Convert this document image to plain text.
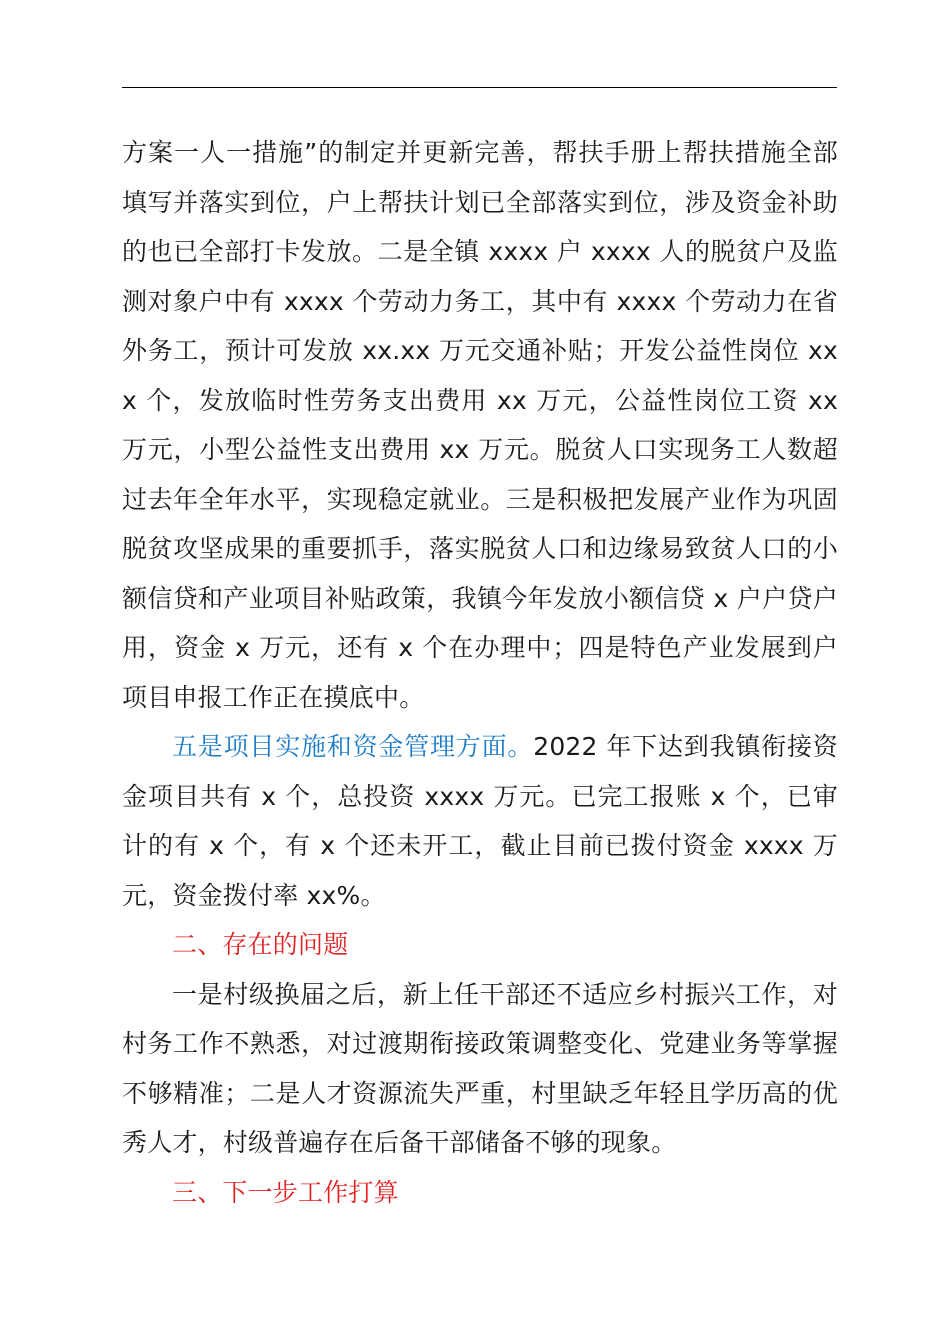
方案一人一措施”的制定并更新完善，帮扶手册上帮扶措施全部填写并落实到位，户上帮扶计划已全部落实到位，涉及资金补助的也已全部打卡发放。二是全镇 xxxx 户 xxxx 人的脱贫户及监测对象户中有 xxxx 个劳动力务工，其中有 xxxx 个劳动力在省外务工，预计可发放 xx.xx 万元交通补贴；开发公益性岗位 xxx 个，发放临时性劳务支出费用 xx 万元，公益性岗位工资 xx 万元，小型公益性支出费用 xx 万元。脱贫人口实现务工人数超过去年全年水平，实现稳定就业。三是积极把发展产业作为巩固脱贫攻坚成果的重要抓手，落实脱贫人口和边缘易致贫人口的小额信贷和产业项目补贴政策，我镇今年发放小额信贷 x 户户贷户用，资金 x 万元，还有 x 个在办理中；四是特色产业发展到户项目申报工作正在摸底中。

五是项目实施和资金管理方面。2022 年下达到我镇衔接资金项目共有 x 个，总投资 xxxx 万元。已完工报账 x 个，已审计的有 x 个，有 x 个还未开工，截止目前已拨付资金 xxxx 万元，资金拨付率 xx%。

二、存在的问题

一是村级换届之后，新上任干部还不适应乡村振兴工作，对村务工作不熟悉，对过渡期衔接政策调整变化、党建业务等掌握不够精准；二是人才资源流失严重，村里缺乏年轻且学历高的优秀人才，村级普遍存在后备干部储备不够的现象。

三、下一步工作打算
